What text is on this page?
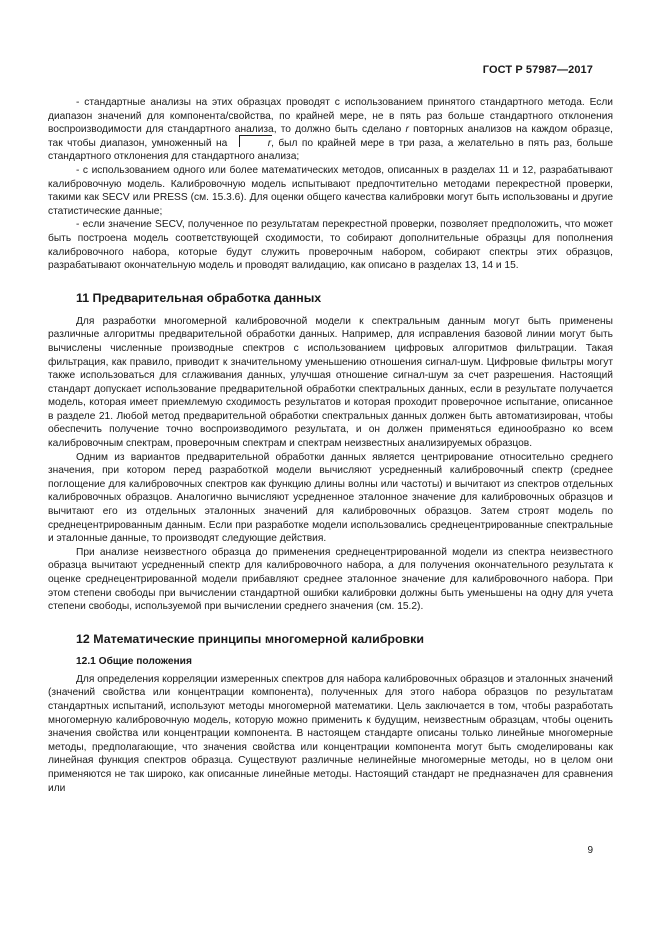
ГОСТ Р 57987—2017

- стандартные анализы на этих образцах проводят с использованием принятого стандартного метода. Если диапазон значений для компонента/свойства, по крайней мере, не в пять раз больше стандартного отклонения воспроизводимости для стандартного анализа, то должно быть сделано r повторных анализов на каждом образце, так чтобы диапазон, умноженный на	r, был по крайней мере в три раза, а желательно в пять раз, больше стандартного отклонения для стандартного анализа;

- с использованием одного или более математических методов, описанных в разделах 11 и 12, разрабатывают калибровочную модель. Калибровочную модель испытывают предпочтительно методами перекрестной проверки, такими как SECV или PRESS (см. 15.3.6). Для оценки общего качества калибровки могут быть использованы и другие статистические данные;

- если значение SECV, полученное по результатам перекрестной проверки, позволяет предположить, что может быть построена модель соответствующей сходимости, то собирают дополнительные образцы для пополнения калибровочного набора, которые будут служить проверочным набором, собирают спектры этих образцов, разрабатывают окончательную модель и проводят валидацию, как описано в разделах 13, 14 и 15.

11 Предварительная обработка данных

Для разработки многомерной калибровочной модели к спектральным данным могут быть применены различные алгоритмы предварительной обработки данных. Например, для исправления базовой линии могут быть вычислены численные производные спектров с использованием цифровых алгоритмов фильтрации. Такая фильтрация, как правило, приводит к значительному уменьшению отношения сигнал-шум. Цифровые фильтры могут также использоваться для сглаживания данных, улучшая отношение сигнал-шум за счет разрешения. Настоящий стандарт допускает использование предварительной обработки спектральных данных, если в результате получается модель, которая имеет приемлемую сходимость результатов и которая проходит проверочное испытание, описанное в разделе 21. Любой метод предварительной обработки спектральных данных должен быть автоматизирован, чтобы обеспечить получение точно воспроизводимого результата, и он должен применяться единообразно ко всем калибровочным спектрам, проверочным спектрам и спектрам неизвестных анализируемых образцов.

Одним из вариантов предварительной обработки данных является центрирование относительно среднего значения, при котором перед разработкой модели вычисляют усредненный калибровочный спектр (среднее поглощение для калибровочных спектров как функцию длины волны или частоты) и вычитают из спектров отдельных калибровочных образцов. Аналогично вычисляют усредненное эталонное значение для калибровочных образцов и вычитают его из отдельных эталонных значений для калибровочных образцов. Затем строят модель по среднецентрированным данным. Если при разработке модели использовались среднецентрированные спектральные и эталонные данные, то производят следующие действия.

При анализе неизвестного образца до применения среднецентрированной модели из спектра неизвестного образца вычитают усредненный спектр для калибровочного набора, а для получения окончательного результата к оценке среднецентрированной модели прибавляют среднее эталонное значение для калибровочного набора. При этом степени свободы при вычислении стандартной ошибки калибровки должны быть уменьшены на одну для учета степени свободы, используемой при вычислении среднего значения (см. 15.2).

12 Математические принципы многомерной калибровки
12.1 Общие положения

Для определения корреляции измеренных спектров для набора калибровочных образцов и эталонных значений (значений свойства или концентрации компонента), полученных для этого набора образцов по результатам стандартных испытаний, используют методы многомерной математики. Цель заключается в том, чтобы разработать многомерную калибровочную модель, которую можно применить к будущим, неизвестным образцам, чтобы оценить значения свойства или концентрации компонента. В настоящем стандарте описаны только линейные многомерные методы, предполагающие, что значения свойства или концентрации компонента могут быть смоделированы как линейная функция спектров образца. Существуют различные нелинейные многомерные методы, но в целом они применяются не так широко, как описанные линейные методы. Настоящий стандарт не предназначен для сравнения или

9
